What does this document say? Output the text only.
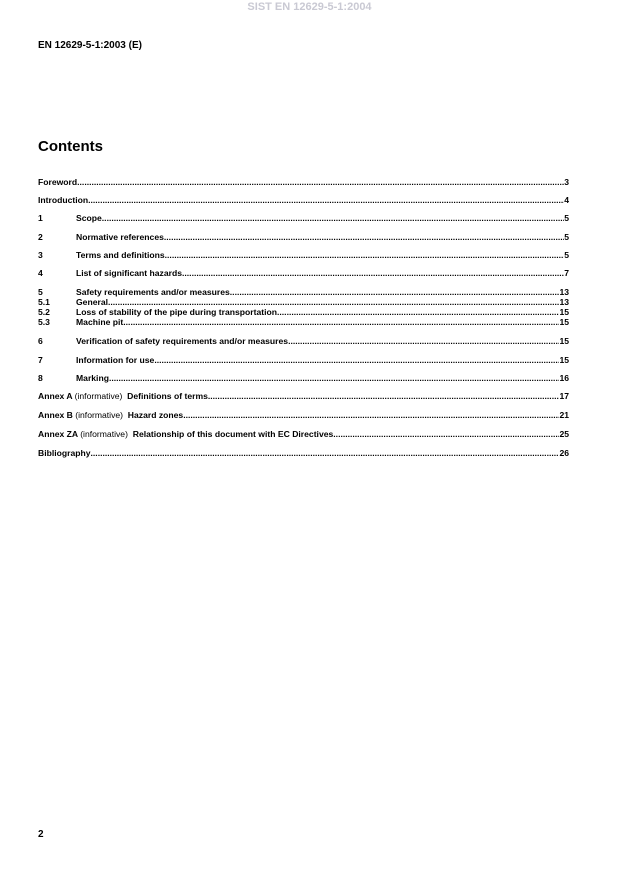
SIST EN 12629-5-1:2004
EN 12629-5-1:2003 (E)
Contents
Foreword .....	3
Introduction .....	4
1	Scope .....	5
2	Normative references .....	5
3	Terms and definitions .....	5
4	List of significant hazards .....	7
5	Safety requirements and/or measures .....	13
5.1	General .....	13
5.2	Loss of stability of the pipe during transportation .....	15
5.3	Machine pit .....	15
6	Verification of safety requirements and/or measures .....	15
7	Information for use .....	15
8	Marking .....	16
Annex A (informative) Definitions of terms .....	17
Annex B (informative) Hazard zones .....	21
Annex ZA (informative) Relationship of this document with EC Directives .....	25
Bibliography .....	26
2
